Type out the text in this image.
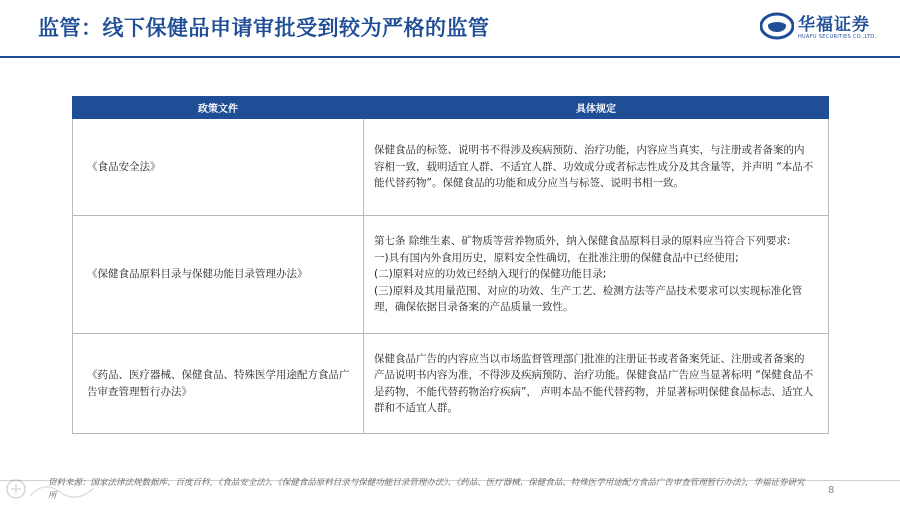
监管：线下保健品申请审批受到较为严格的监管	华福证券
HUAFU SECURITIES CO.,LTD.
政策文件	具体规定
《食品安全法》	保健食品的标签、说明书不得涉及疾病预防、治疗功能，内容应当真实，与注册或者备案的内容相一致，载明适宜人群、不适宜人群、功效成分或者标志性成分及其含量等，并声明 “本品不能代替药物”。保健食品的功能和成分应当与标签、说明书相一致。

《保健食品原料目录与保健功能目录管理办法》	第七条 除维生素、矿物质等营养物质外，纳入保健食品原料目录的原料应当符合下列要求:
一)具有国内外食用历史，原料安全性确切，在批准注册的保健食品中已经使用;
(二)原料对应的功效已经纳入现行的保健功能目录;
(三)原料及其用量范围、对应的功效、生产工艺、检测方法等产品技术要求可以实现标准化管理，确保依据目录备案的产品质量一致性。

《药品、医疗器械、保健食品、特殊医学用途配方食品广告审查管理暂行办法》	保健食品广告的内容应当以市场监督管理部门批准的注册证书或者备案凭证、注册或者备案的产品说明书内容为准，不得涉及疾病预防、治疗功能。保健食品广告应当显著标明 “保健食品不是药物，不能代替药物治疗疾病”， 声明本品不能代替药物，并显著标明保健食品标志、适宜人群和不适宜人群。
资料来源：国家法律法规数据库、百度百科，《食品安全法》、《保健食品原料目录与保健功能目录管理办法》、《药品、医疗器械、保健食品、特殊医学用途配方食品广告审查管理暂行办法》，华福证券研究所	8
